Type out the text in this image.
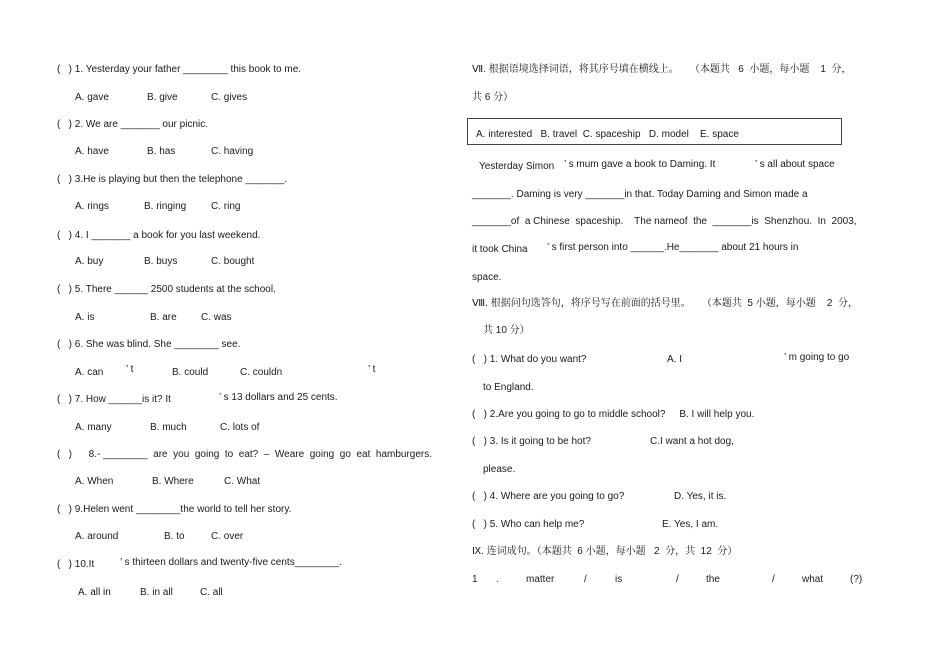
(   ) 1. Yesterday your father ________ this book to me.
A. gave	B. give	C. gives
(   ) 2. We are _______ our picnic.
A. have	B. has	C. having
(   ) 3.He is playing but then the telephone _______.
A. rings	B. ringing C. ring
(   ) 4. I _______ a book for you last weekend.
A. buy	B. buys	C. bought
(   ) 5. There ______ 2500 students at the school.
A. is	B. are C. was
(   ) 6. She was blind. She ________ see.
A. can ’ t	B. could	C. couldn	’ t
(   ) 7. How ______is it? It	’ s 13 dollars and 25 cents.
A. many	B. much	C. lots of
(   )      8.- ________  are  you  going  to  eat?  –  Weare  going  go  eat  hamburgers.
A. When	B. Where	C. What
(   ) 9.Helen went ________the world to tell her story.
A. around	B. to	C. over
(   ) 10.It	’ s thirteen dollars and twenty-five cents________.
A. all in	B. in all	C. all
Ⅶ. 根据语境选择词语，将其序号填在横线上。    （本题共   6  小题，每小题    1  分，
共 6 分）
A. interested   B. travel  C. spaceship   D. model    E. space
Yesterday Simon ’ s mum gave a book to Daming. It	’ s all about space
_______. Daming is very _______in that. Today Daming and Simon made a
_______of  a Chinese  spaceship.    The nameof  the  _______is  Shenzhou.  In  2003,
it took China ’ s first person into ______.He_______ about 21 hours in
space.
Ⅷ. 根据问句选答句，将序号写在前面的括号里。    （本题共  5 小题，每小题    2  分，
共 10 分）
(   ) 1. What do you want?	A. I	’ m going to go
to England.
(   ) 2.Are you going to go to middle school?     B. I will help you.
(   ) 3. Is it going to be hot?	C.I want a hot dog,
please.
(   ) 4. Where are you going to go?	D. Yes, it is.
(   ) 5. Who can help me?	E. Yes, I am.
Ⅸ. 连词成句。（本题共  6 小题，每小题   2  分，共  12  分）
1 .	matter	/	is	/	the	/	what	(?)
